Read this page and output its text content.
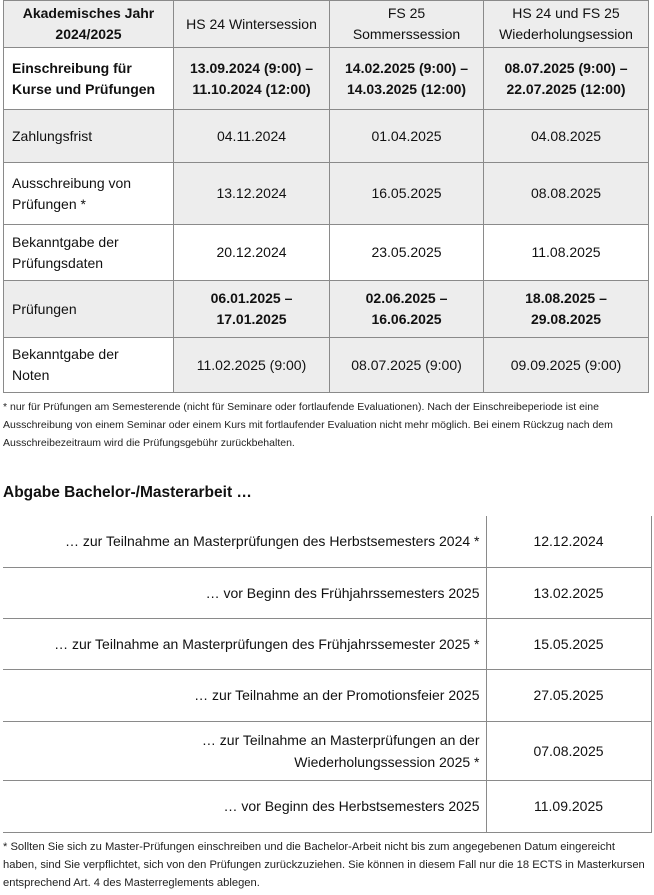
Akademisches Jahr 2024/2025	HS 24 Wintersession	FS 25 Sommerssession	HS 24 und FS 25 Wiederholungsession
Einschreibung für Kurse und Prüfungen	13.09.2024 (9:00) – 11.10.2024 (12:00)	14.02.2025 (9:00) – 14.03.2025 (12:00)	08.07.2025 (9:00) – 22.07.2025 (12:00)
Zahlungsfrist	04.11.2024	01.04.2025	04.08.2025
Ausschreibung von Prüfungen *	13.12.2024	16.05.2025	08.08.2025
Bekanntgabe der Prüfungsdaten	20.12.2024	23.05.2025	11.08.2025
Prüfungen	06.01.2025 – 17.01.2025	02.06.2025 – 16.06.2025	18.08.2025 – 29.08.2025
Bekanntgabe der Noten	11.02.2025 (9:00)	08.07.2025 (9:00)	09.09.2025 (9:00)
* nur für Prüfungen am Semesterende (nicht für Seminare oder fortlaufende Evaluationen). Nach der Einschreibeperiode ist eine Ausschreibung von einem Seminar oder einem Kurs mit fortlaufender Evaluation nicht mehr möglich. Bei einem Rückzug nach dem Ausschreibezeitraum wird die Prüfungsgebühr zurückbehalten.
Abgabe Bachelor-/Masterarbeit …
… zur Teilnahme an Masterprüfungen des Herbstsemesters 2024 *	12.12.2024
… vor Beginn des Frühjahrssemesters 2025	13.02.2025
… zur Teilnahme an Masterprüfungen des Frühjahrssemester 2025 *	15.05.2025
… zur Teilnahme an der Promotionsfeier 2025	27.05.2025
… zur Teilnahme an Masterprüfungen an der Wiederholungssession 2025 *	07.08.2025
… vor Beginn des Herbstsemesters 2025	11.09.2025
* Sollten Sie sich zu Master-Prüfungen einschreiben und die Bachelor-Arbeit nicht bis zum angegebenen Datum eingereicht haben, sind Sie verpflichtet, sich von den Prüfungen zurückzuziehen. Sie können in diesem Fall nur die 18 ECTS in Masterkursen entsprechend Art. 4 des Masterreglements ablegen.
